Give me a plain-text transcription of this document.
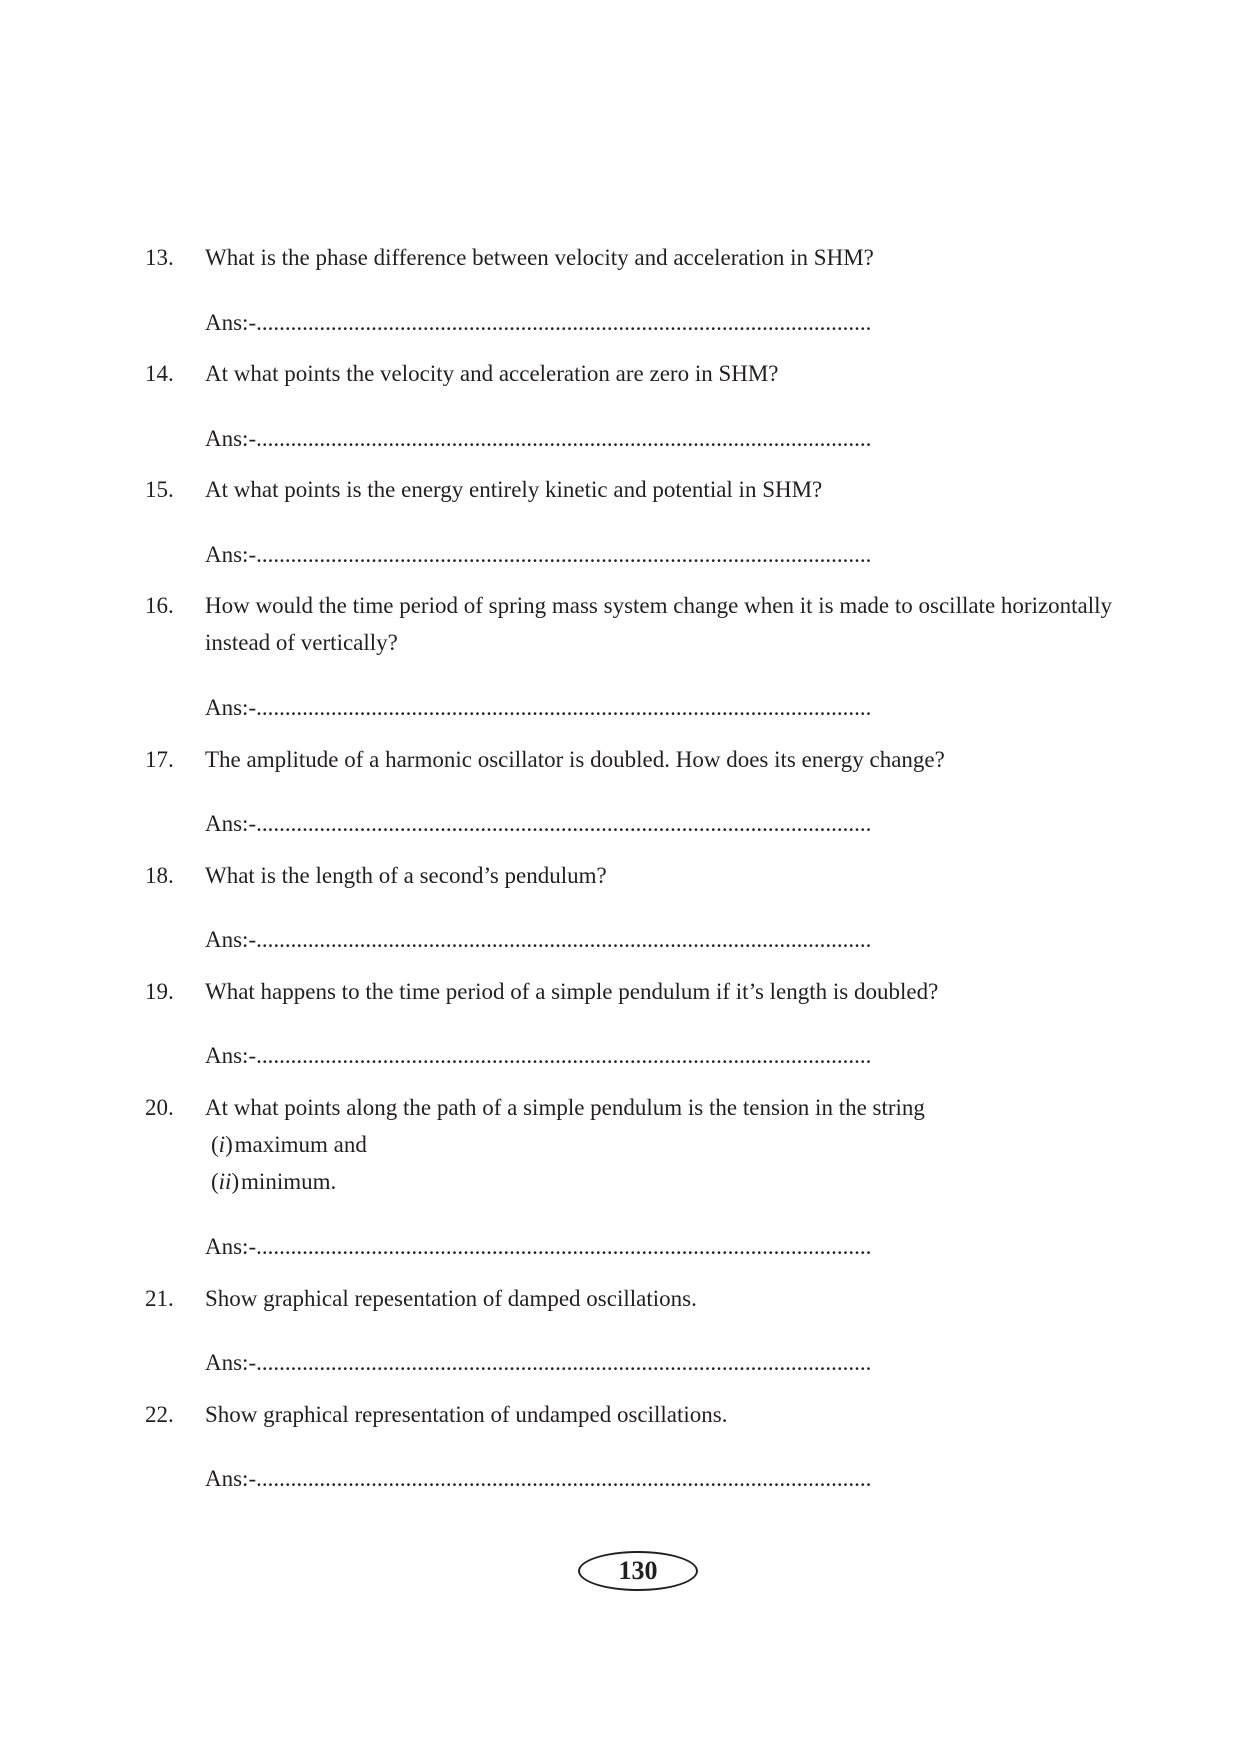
13.	What is the phase difference between velocity and acceleration in SHM?
Ans:-...........................................................................................................
14.	At what points the velocity and acceleration are zero in SHM?
Ans:-...........................................................................................................
15.	At what points is the energy entirely kinetic and potential in SHM?
Ans:-...........................................................................................................
16.	How would the time period of spring mass system change when it is made to oscillate horizontally instead of vertically?
Ans:-...........................................................................................................
17.	The amplitude of a harmonic oscillator is doubled. How does its energy change?
Ans:-...........................................................................................................
18.	What is the length of a second’s pendulum?
Ans:-...........................................................................................................
19.	What happens to the time period of a simple pendulum if it’s length is doubled?
Ans:-...........................................................................................................
20.	At what points along the path of a simple pendulum is the tension in the string
(i) maximum and
(ii) minimum.
Ans:-...........................................................................................................
21.	Show graphical repesentation of damped oscillations.
Ans:-...........................................................................................................
22.	Show graphical representation of undamped oscillations.
Ans:-...........................................................................................................
130
